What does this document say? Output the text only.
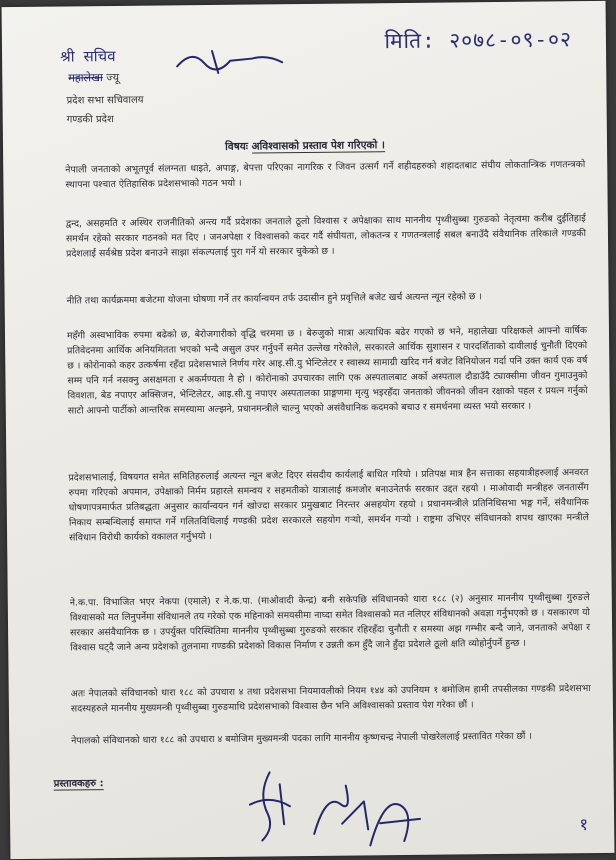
मिति: २०७८-०९-०२
श्री सचिव
महालेखा ज्यू
प्रदेश सभा सचिवालय
गण्डकी प्रदेश
विषयः अविश्वासको प्रस्ताव पेश गरिएको ।

नेपाली जनताको अभूतपूर्व संलग्नता धाइते, अपाङ्ग, बेपत्ता परिएका नागरिक र जिवन उत्सर्ग गर्ने शहीदहरुको शहादतबाट संघीय लोकतान्त्रिक गणतन्त्रको स्थापना पश्चात ऐतिहासिक प्रदेशसभाको गठन भयो ।

द्वन्द, असहमति र अस्थिर राजनीतिको अन्त्य गर्दै प्रदेशका जनताले ठूलो विश्वास र अपेक्षाका साथ माननीय पृथ्वीसुब्बा गुरुङको नेतृत्वमा करीब दुईतिहाई समर्थन रहेको सरकार गठनको मत दिए । जनअपेक्षा र विश्वासको कदर गर्दै संघीयता, लोकतन्त्र र गणतन्त्रलाई सबल बनाउँदै संवैधानिक तरिकाले गण्डकी प्रदेशलाई सर्वश्रेष्ठ प्रदेश बनाउने साझा संकल्पलाई पुरा गर्ने यो सरकार चुकेको छ ।

नीति तथा कार्यक्रममा बजेटमा योजना घोषणा गर्ने तर कार्यान्वयन तर्फ उदासीन हुने प्रवृत्तिले बजेट खर्च अत्यन्त न्यून रहेको छ ।

महँगी अस्वभाविक रुपमा बढेको छ, बेरोजगारीको वृद्धि चरममा छ । बेरुजुको मात्रा अत्याधिक बढेर गएको छ भने, महालेखा परिक्षकले आफ्नो वार्षिक प्रतिवेदनमा आर्थिक अनियमितता भएको भन्दै असुल उपर गर्नुपर्ने समेत उल्लेख गरेकोले, सरकारले आर्थिक सुशासन र पारदर्शिताको दावीलाई चुनौती दिएको छ । कोरोनाको कहर उत्कर्षमा रहँदा प्रदेशसभाले निर्णय गरेर आइ.सी.यु भेन्टिलेटर र स्वास्थ्य सामाग्री खरिद गर्न बजेट विनियोजन गर्दा पनि उक्त कार्य एक वर्ष सम्म पनि गर्न नसक्नु असक्षमता र अकर्मण्यता नै हो । कोरोनाको उपचारका लागि एक अस्पतालबाट अर्को अस्पताल दौडाउँदै ट्याक्सीमा जीवन गुमाउनुको विवशता, बेड नपाएर अक्सिजन, भेन्टिलेटर, आइ.सी.यु नपाएर अस्पतालका प्राङ्गणमा मृत्यु भइरहँदा जनताको जीवनको जीवन रक्षाको पहल र प्रयत्न गर्नुको साटो आफ्नो पार्टीको आन्तरिक समस्यामा अल्झने, प्रधानमन्त्रीले चाल्नु भएको असंवैधानिक कदमको बचाउ र समर्थनमा व्यस्त भयो सरकार ।

प्रदेशसभालाई, विषयगत समेत समितिहरुलाई अत्यन्त न्यून बजेट दिएर संसदीय कार्यलाई बाधित गरियो । प्रतिपक्ष मात्र हैन सत्ताका सहयात्रीहरुलाई अनवरत रुपमा गरिएको अपमान, उपेक्षाको निर्मम प्रहारले समन्वय र सहमतीको यात्रालाई कमजोर बनाउनेतर्फ सरकार उद्दत रहयो । माओवादी मन्त्रीहरु जनतासँग घोषणापत्रमार्फत प्रतिबद्धता अनुसार कार्यान्वयन गर्न खोज्दा सरकार प्रमुखबाट निरन्तर असहयोग रहयो । प्रधानमन्त्रीले प्रतिनिधिसभा भङ्ग गर्ने, संवैधानिक निकाय सम्बन्धिलाई समाप्त गर्ने गलितविधिलाई गण्डकी प्रदेश सरकारले सहयोग गऱ्यो, समर्थन गऱ्यो । राष्ट्रमा उभिएर संविधानको शपथ खाएका मन्त्रीले संविधान विरोधी कार्यको वकालत गर्नुभयो ।

ने.क.पा. विभाजित भएर नेकपा (एमाले) र ने.क.पा. (माओवादी केन्द्र) बनी सकेपछि संविधानको धारा १८८ (२) अनुसार माननीय पृथ्वीसुब्बा गुरुङले विश्वासको मत लिनुपर्नेमा संविधानले तय गरेको एक महिनाको समयसीमा नाघ्दा समेत विश्वासको मत नलिएर संविधानको अवज्ञा गर्नुभएको छ । यसकारण यो सरकार असंवैधानिक छ । उपर्युक्त परिस्थितिमा माननीय पृथ्वीसुब्बा गुरुङको सरकार रहिरहँदा चुनौती र समस्या अझ गम्भीर बन्दै जाने, जनताको अपेक्षा र विश्वास घट्दै जाने अन्य प्रदेशको तुलनामा गण्डकी प्रदेशको विकास निर्माण र उन्नती कम हुँदै जाने हुँदा प्रदेशले ठूलो क्षति व्योहोर्नुपर्ने हुन्छ ।

अतः नेपालको संविधानको धारा १८८ को उपधारा ४ तथा प्रदेशसभा नियमावलीको नियम १४४ को उपनियम १ बमोजिम हामी तपसीलका गण्डकी प्रदेशसभा सदस्यहरुले माननीय मुख्यमन्त्री पृथ्वीसुब्बा गुरुङमाथि प्रदेशसभाको विश्वास छैन भनि अविश्वासको प्रस्ताव पेश गरेका छौं ।

नेपालको संविधानको धारा १८८ को उपधारा ४ बमोजिम मुख्यमन्त्री पदका लागि माननीय कृष्णचन्द्र नेपाली पोखरेललाई प्रस्तावित गरेका छौं ।

प्रस्तावकहरु :
१
